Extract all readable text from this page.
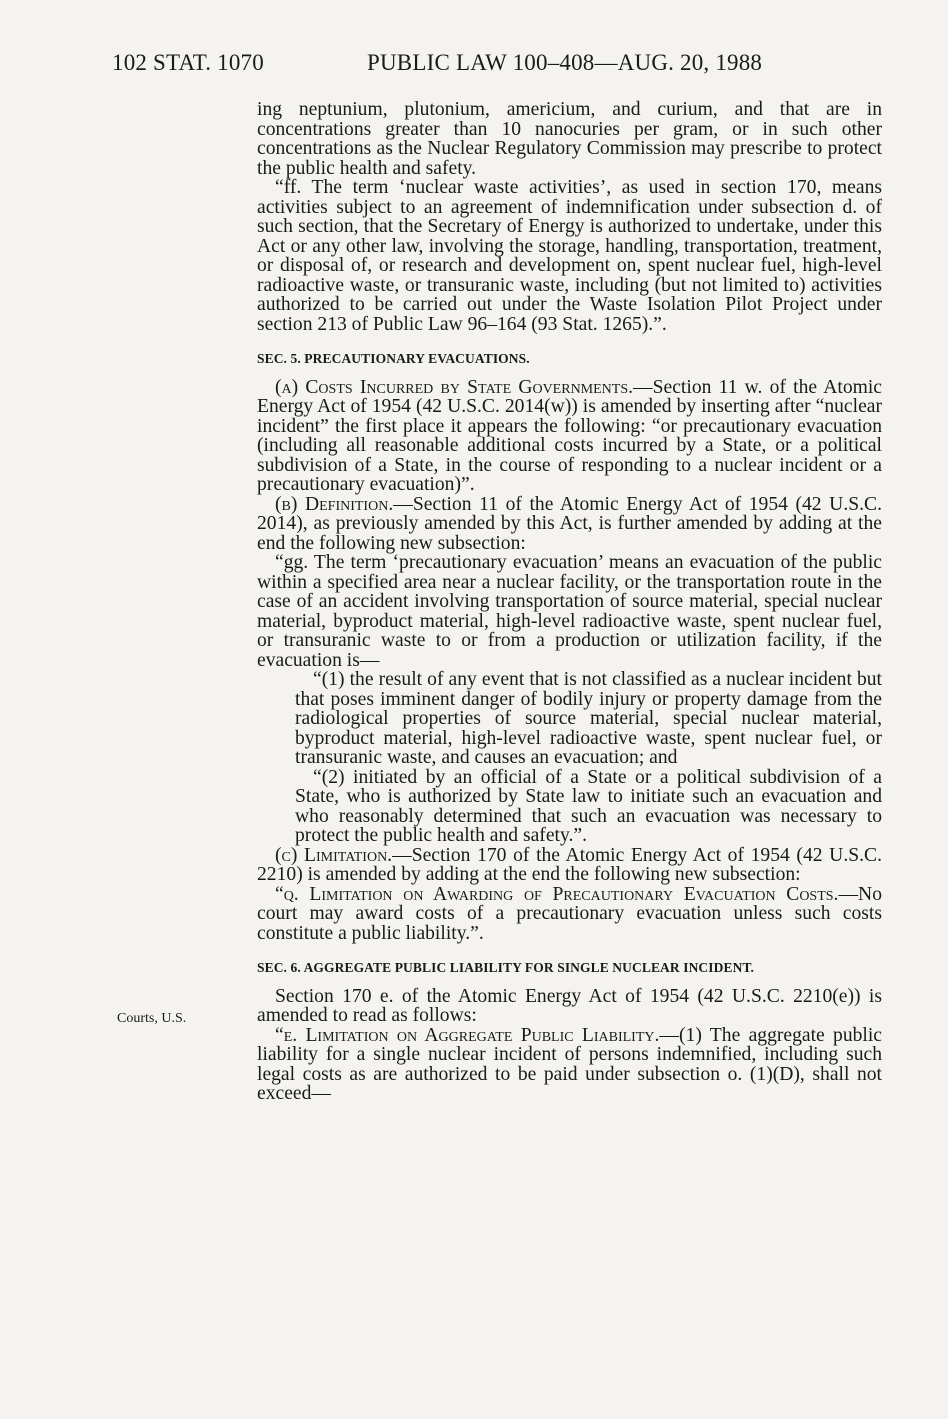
102 STAT. 1070	PUBLIC LAW 100–408—AUG. 20, 1988
Courts, U.S.

ing neptunium, plutonium, americium, and curium, and that are in concentrations greater than 10 nanocuries per gram, or in such other concentrations as the Nuclear Regulatory Commission may prescribe to protect the public health and safety.

“ff. The term ‘nuclear waste activities’, as used in section 170, means activities subject to an agreement of indemnification under subsection d. of such section, that the Secretary of Energy is authorized to undertake, under this Act or any other law, involving the storage, handling, transportation, treatment, or disposal of, or research and development on, spent nuclear fuel, high-level radioactive waste, or transuranic waste, including (but not limited to) activities authorized to be carried out under the Waste Isolation Pilot Project under section 213 of Public Law 96–164 (93 Stat. 1265).”.

SEC. 5. PRECAUTIONARY EVACUATIONS.

(a) Costs Incurred by State Governments.—Section 11 w. of the Atomic Energy Act of 1954 (42 U.S.C. 2014(w)) is amended by inserting after “nuclear incident” the first place it appears the following: “or precautionary evacuation (including all reasonable additional costs incurred by a State, or a political subdivision of a State, in the course of responding to a nuclear incident or a precautionary evacuation)”.

(b) Definition.—Section 11 of the Atomic Energy Act of 1954 (42 U.S.C. 2014), as previously amended by this Act, is further amended by adding at the end the following new subsection:

“gg. The term ‘precautionary evacuation’ means an evacuation of the public within a specified area near a nuclear facility, or the transportation route in the case of an accident involving transportation of source material, special nuclear material, byproduct material, high-level radioactive waste, spent nuclear fuel, or transuranic waste to or from a production or utilization facility, if the evacuation is—

“(1) the result of any event that is not classified as a nuclear incident but that poses imminent danger of bodily injury or property damage from the radiological properties of source material, special nuclear material, byproduct material, high-level radioactive waste, spent nuclear fuel, or transuranic waste, and causes an evacuation; and

“(2) initiated by an official of a State or a political subdivision of a State, who is authorized by State law to initiate such an evacuation and who reasonably determined that such an evacuation was necessary to protect the public health and safety.”.

(c) Limitation.—Section 170 of the Atomic Energy Act of 1954 (42 U.S.C. 2210) is amended by adding at the end the following new subsection:

“q. Limitation on Awarding of Precautionary Evacuation Costs.—No court may award costs of a precautionary evacuation unless such costs constitute a public liability.”.

SEC. 6. AGGREGATE PUBLIC LIABILITY FOR SINGLE NUCLEAR INCIDENT.

Section 170 e. of the Atomic Energy Act of 1954 (42 U.S.C. 2210(e)) is amended to read as follows:

“e. Limitation on Aggregate Public Liability.—(1) The aggregate public liability for a single nuclear incident of persons indemnified, including such legal costs as are authorized to be paid under subsection o. (1)(D), shall not exceed—
